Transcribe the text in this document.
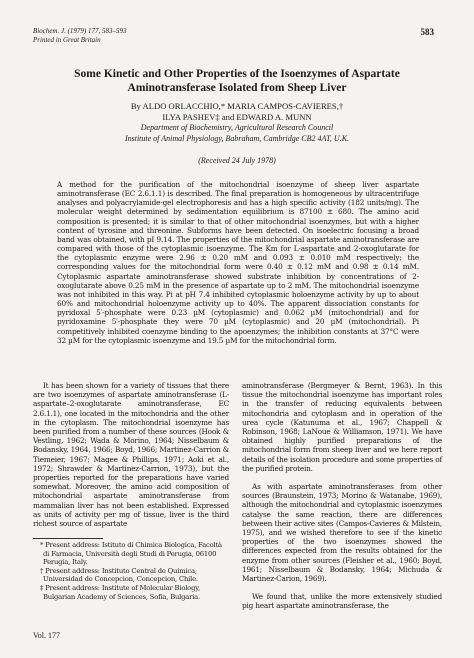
Biochem. J. (1979) 177, 583–593
Printed in Great Britain
583
Some Kinetic and Other Properties of the Isoenzymes of Aspartate
Aminotransferase Isolated from Sheep Liver
By ALDO ORLACCHIO,* MARIA CAMPOS-CAVIERES,†
ILYA PASHEV‡ and EDWARD A. MUNN
Department of Biochemistry, Agricultural Research Council
Institute of Animal Physiology, Babraham, Cambridge CB2 4AT, U.K.
(Received 24 July 1978)
A method for the purification of the mitochondrial isoenzyme of sheep liver aspartate aminotransferase (EC 2.6.1.1) is described. The final preparation is homogeneous by ultracentrifuge analyses and polyacrylamide-gel electrophoresis and has a high specific activity (182 units/mg). The molecular weight determined by sedimentation equilibrium is 87100 ± 680. The amino acid composition is presented; it is similar to that of other mitochondrial isoenzymes, but with a higher content of tyrosine and threonine. Subforms have been detected. On isoelectric focusing a broad band was obtained, with pI 9.14. The properties of the mitochondrial aspartate aminotransferase are compared with those of the cytoplasmic isoenzyme. The Km for L-aspartate and 2-oxoglutarate for the cytoplasmic enzyme were 2.96 ± 0.20 mM and 0.093 ± 0.010 mM respectively; the corresponding values for the mitochondrial form were 0.40 ± 0.12 mM and 0.98 ± 0.14 mM. Cytoplasmic aspartate aminotransferase showed substrate inhibition by concentrations of 2-oxoglutarate above 0.25 mM in the presence of aspartate up to 2 mM. The mitochondrial isoenzyme was not inhibited in this way. Pi at pH 7.4 inhibited cytoplasmic holoenzyme activity by up to about 60% and mitochondrial holoenzyme activity up to 40%. The apparent dissociation constants for pyridoxal 5′-phosphate were 0.23 µM (cytoplasmic) and 0.062 µM (mitochondrial) and for pyridoxamine 5′-phosphate they were 70 µM (cytoplasmic) and 20 µM (mitochondrial). Pi competitively inhibited coenzyme binding to the apoenzymes; the inhibition constants at 37°C were 32 µM for the cytoplasmic isoenzyme and 19.5 µM for the mitochondrial form.

It has been shown for a variety of tissues that there are two isoenzymes of aspartate aminotransferase (L-aspartate–2-oxoglutarate aminotransferase, EC 2.6.1.1), one located in the mitochondria and the other in the cytoplasm. The mitochondrial isoenzyme has been purified from a number of these sources (Hook & Vestling, 1962; Wada & Morino, 1964; Nisselbaum & Bodansky, 1964, 1966; Boyd, 1966; Martinez-Carrion & Tiemeier, 1967; Magee & Phillips, 1971; Aoki et al., 1972; Shrawder & Martinez-Carrion, 1973), but the properties reported for the preparations have varied somewhat. Moreover, the amino acid composition of mitochondrial aspartate aminotransferase from mammalian liver has not been established. Expressed as units of activity per mg of tissue, liver is the third richest source of aspartate

* Present address: Istituto di Chimica Biologica, Facoltà di Farmacia, Università degli Studi di Perugia, 06100 Perugia, Italy.
† Present address: Instituto Central de Quimica, Universidad de Concepcion, Concepcion, Chile.
‡ Present address: Institute of Molecular Biology, Bulgarian Academy of Sciences, Sofia, Bulgaria.
Vol. 177

aminotransferase (Bergmeyer & Bernt, 1963). In this tissue the mitochondrial isoenzyme has important roles in the transfer of reducing equivalents between mitochondria and cytoplasm and in operation of the urea cycle (Katunuma et al., 1967; Chappell & Robinson, 1968; LaNoue & Williamson, 1971). We have obtained highly purified preparations of the mitochondrial form from sheep liver and we here report details of the isolation procedure and some properties of the purified protein.

As with aspartate aminotransferases from other sources (Braunstein, 1973; Morino & Watanabe, 1969), although the mitochondrial and cytoplasmic isoenzymes catalyse the same reaction, there are differences between their active sites (Campos-Cavieres & Milstein, 1975), and we wished therefore to see if the kinetic properties of the two isoenzymes showed the differences expected from the results obtained for the enzyme from other sources (Fleisher et al., 1960; Boyd, 1961; Nisselbaum & Bodansky, 1964; Michuda & Martinez-Carion, 1969).

We found that, unlike the more extensively studied pig heart aspartate aminotransferase, the
